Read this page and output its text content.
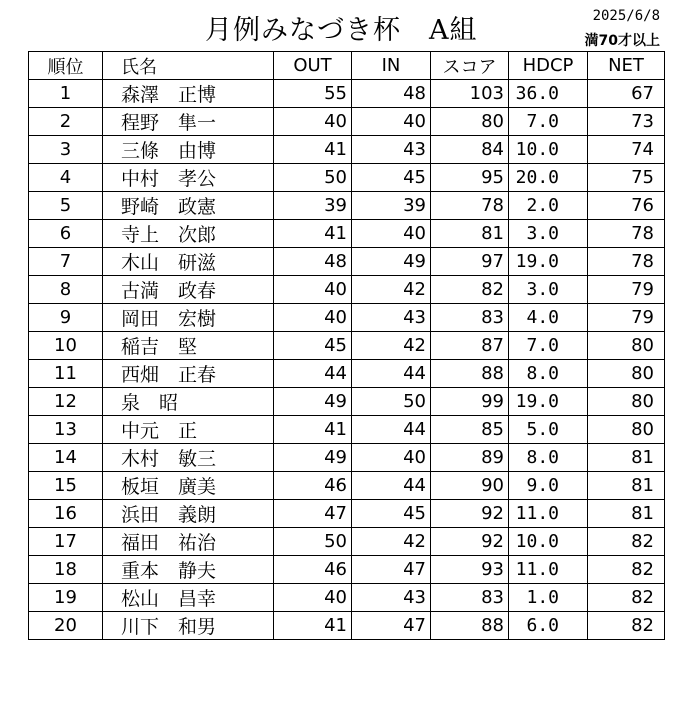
月例みなづき杯 A組	2025/6/8
満70才以上
順位	氏名	OUT	IN	スコア	HDCP	NET
1	森澤　正博	55	48	103	36.0	67
2	程野　隼一	40	40	80	7.0	73
3	三條　由博	41	43	84	10.0	74
4	中村　孝公	50	45	95	20.0	75
5	野崎　政憲	39	39	78	2.0	76
6	寺上　次郎	41	40	81	3.0	78
7	木山　研滋	48	49	97	19.0	78
8	古満　政春	40	42	82	3.0	79
9	岡田　宏樹	40	43	83	4.0	79
10	稲吉　堅	45	42	87	7.0	80
11	西畑　正春	44	44	88	8.0	80
12	泉　昭	49	50	99	19.0	80
13	中元　正	41	44	85	5.0	80
14	木村　敏三	49	40	89	8.0	81
15	板垣　廣美	46	44	90	9.0	81
16	浜田　義朗	47	45	92	11.0	81
17	福田　祐治	50	42	92	10.0	82
18	重本　静夫	46	47	93	11.0	82
19	松山　昌幸	40	43	83	1.0	82
20	川下　和男	41	47	88	6.0	82
